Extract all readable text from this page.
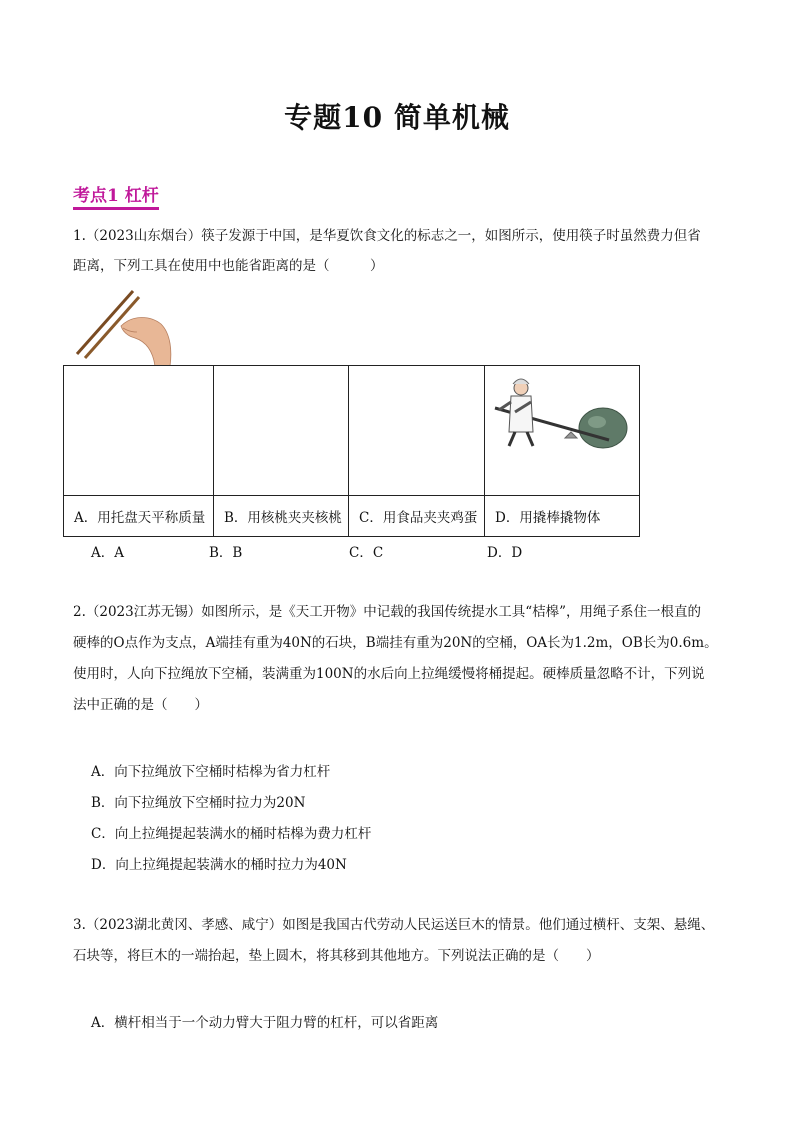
专题10 简单机械
考点1 杠杆
1.（2023山东烟台）筷子发源于中国，是华夏饮食文化的标志之一，如图所示，使用筷子时虽然费力但省
距离，下列工具在使用中也能省距离的是（　　　）

A．用托盘天平称质量	B．用核桃夹夹核桃	C．用食品夹夹鸡蛋	D．用撬棒撬物体
A．A	B．B	C．C	D．D
2.（2023江苏无锡）如图所示，是《天工开物》中记载的我国传统提水工具“桔槔”，用绳子系住一根直的
硬棒的O点作为支点，A端挂有重为40N的石块，B端挂有重为20N的空桶，OA长为1.2m，OB长为0.6m。
使用时，人向下拉绳放下空桶，装满重为100N的水后向上拉绳缓慢将桶提起。硬棒质量忽略不计，下列说
法中正确的是（　　）
A．向下拉绳放下空桶时桔槔为省力杠杆
B．向下拉绳放下空桶时拉力为20N
C．向上拉绳提起装满水的桶时桔槔为费力杠杆
D．向上拉绳提起装满水的桶时拉力为40N
3.（2023湖北黄冈、孝感、咸宁）如图是我国古代劳动人民运送巨木的情景。他们通过横杆、支架、悬绳、
石块等，将巨木的一端抬起，垫上圆木，将其移到其他地方。下列说法正确的是（　　）
A．横杆相当于一个动力臂大于阻力臂的杠杆，可以省距离
